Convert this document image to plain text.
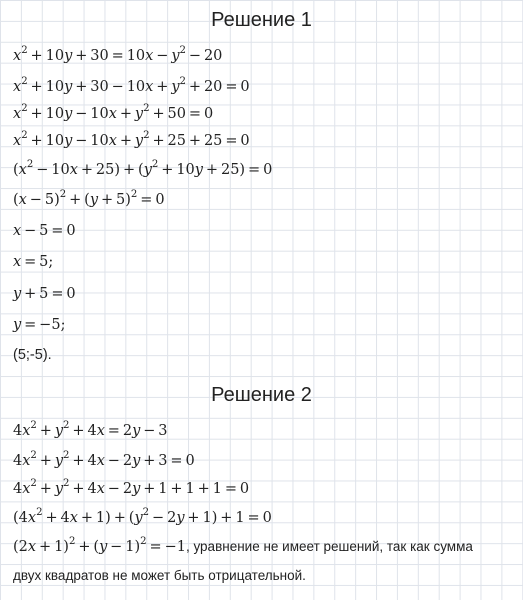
Решение 1
$x^2 + 10y + 30 = 10x - y^2 - 20$
$x^2 + 10y + 30 - 10x + y^2 + 20 = 0$
$x^2 + 10y - 10x + y^2 + 50 = 0$
$x^2 + 10y - 10x + y^2 + 25 + 25 = 0$
$(x^2 - 10x + 25) + (y^2 + 10y + 25) = 0$
$(x - 5)^2 + (y + 5)^2 = 0$
x  −  5  =  0
x  =  5;
y  +  5  =  0
y  =  −5;
(5;-5).
Решение 2
$4x^2 + y^2 + 4x = 2y - 3$
$4x^2 + y^2 + 4x - 2y + 3 = 0$
$4x^2 + y^2 + 4x - 2y + 1 + 1 + 1 = 0$
$(4x^2 + 4x + 1) + (y^2 - 2y + 1) + 1 = 0$
$(2x + 1)^2 + (y - 1)^2 = -1$, уравнение не имеет решений, так как сумма
двух квадратов не может быть отрицательной.
